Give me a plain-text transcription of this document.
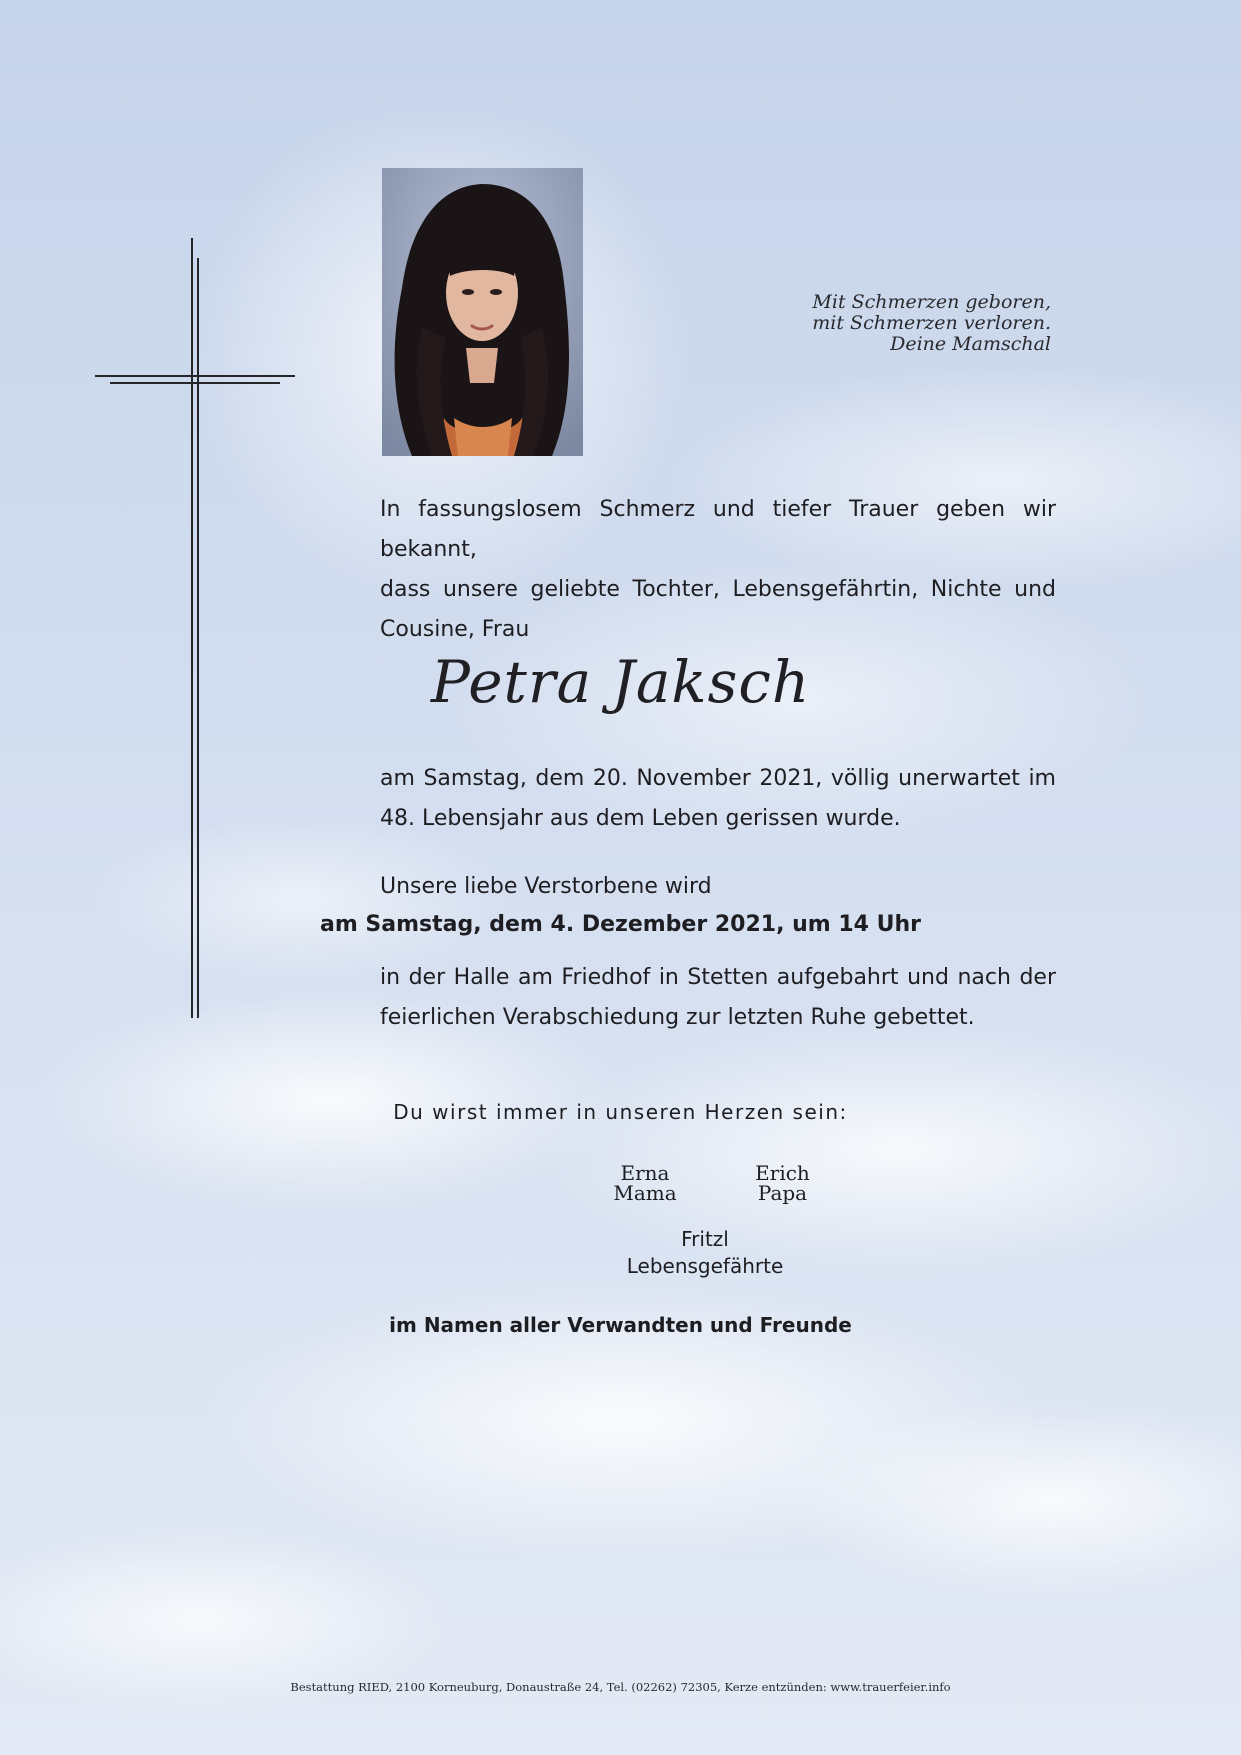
Mit Schmerzen geboren,
mit Schmerzen verloren.
Deine Mamschal
In fassungslosem Schmerz und tiefer Trauer geben wir bekannt,
dass unsere geliebte Tochter, Lebensgefährtin, Nichte und
Cousine, Frau
Petra Jaksch
am Samstag, dem 20. November 2021, völlig unerwartet im
48. Lebensjahr aus dem Leben gerissen wurde.
Unsere liebe Verstorbene wird
am Samstag, dem 4. Dezember 2021, um 14 Uhr
in der Halle am Friedhof in Stetten aufgebahrt und nach der
feierlichen Verabschiedung zur letzten Ruhe gebettet.
Du wirst immer in unseren Herzen sein:
Erna
Mama
Erich
Papa
Fritzl
Lebensgefährte
im Namen aller Verwandten und Freunde
Bestattung RIED, 2100 Korneuburg, Donaustraße 24, Tel. (02262) 72305, Kerze entzünden: www.trauerfeier.info
